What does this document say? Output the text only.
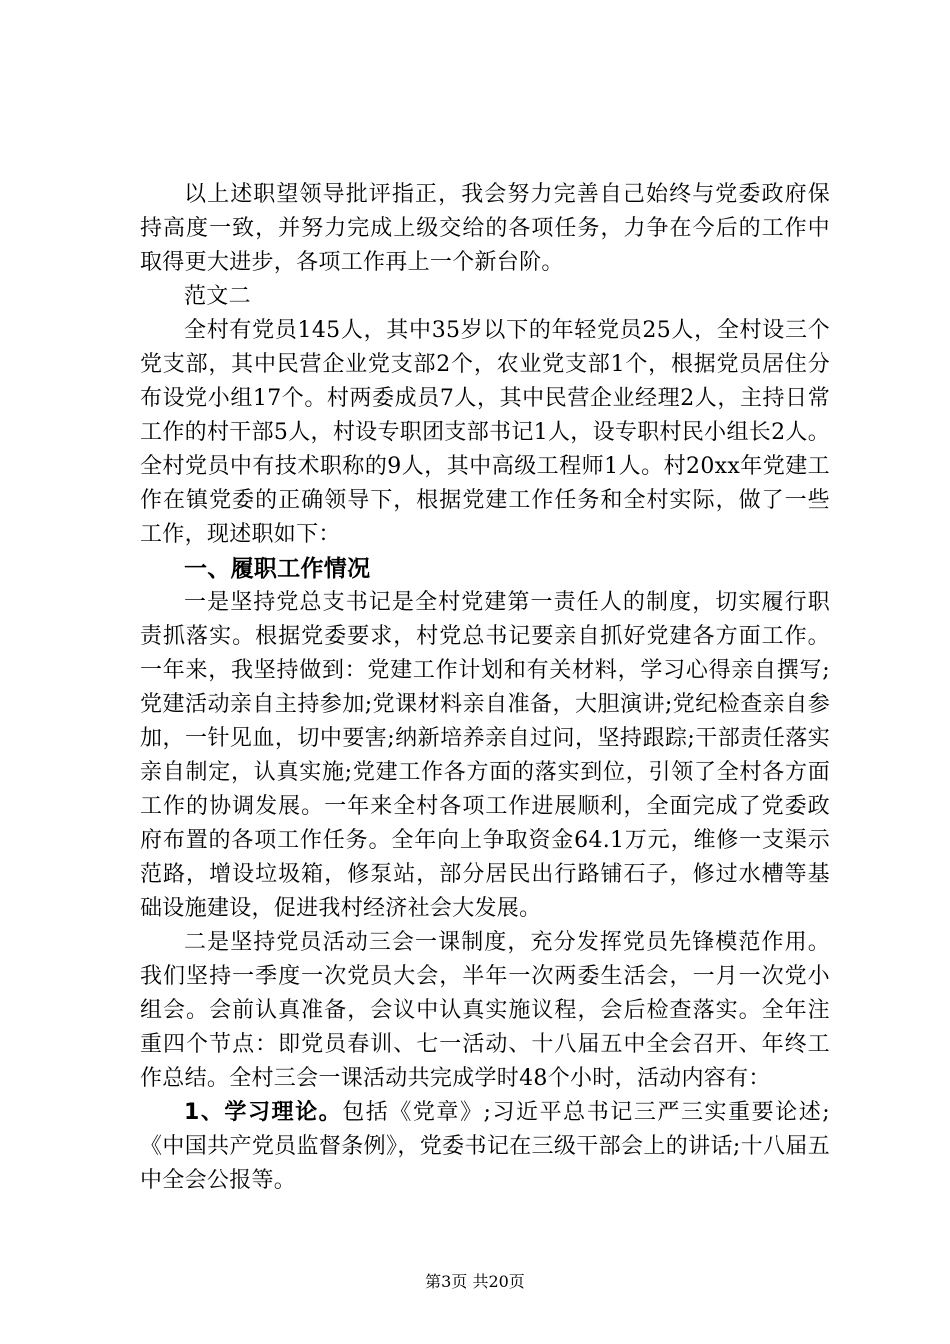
以上述职望领导批评指正，我会努力完善自己始终与党委政府保持高度一致，并努力完成上级交给的各项任务，力争在今后的工作中取得更大进步，各项工作再上一个新台阶。

范文二

全村有党员145人，其中35岁以下的年轻党员25人，全村设三个党支部，其中民营企业党支部2个，农业党支部1个，根据党员居住分布设党小组17个。村两委成员7人，其中民营企业经理2人，主持日常工作的村干部5人，村设专职团支部书记1人，设专职村民小组长2人。全村党员中有技术职称的9人，其中高级工程师1人。村20xx年党建工作在镇党委的正确领导下，根据党建工作任务和全村实际，做了一些工作，现述职如下：

一、履职工作情况

一是坚持党总支书记是全村党建第一责任人的制度，切实履行职责抓落实。根据党委要求，村党总书记要亲自抓好党建各方面工作。一年来，我坚持做到：党建工作计划和有关材料，学习心得亲自撰写;党建活动亲自主持参加;党课材料亲自准备，大胆演讲;党纪检查亲自参加，一针见血，切中要害;纳新培养亲自过问，坚持跟踪;干部责任落实亲自制定，认真实施;党建工作各方面的落实到位，引领了全村各方面工作的协调发展。一年来全村各项工作进展顺利，全面完成了党委政府布置的各项工作任务。全年向上争取资金64.1万元，维修一支渠示范路，增设垃圾箱，修泵站，部分居民出行路铺石子，修过水槽等基础设施建设，促进我村经济社会大发展。

二是坚持党员活动三会一课制度，充分发挥党员先锋模范作用。我们坚持一季度一次党员大会，半年一次两委生活会，一月一次党小组会。会前认真准备，会议中认真实施议程，会后检查落实。全年注重四个节点：即党员春训、七一活动、十八届五中全会召开、年终工作总结。全村三会一课活动共完成学时48个小时，活动内容有：

1、学习理论。包括《党章》;习近平总书记三严三实重要论述;《中国共产党员监督条例》，党委书记在三级干部会上的讲话;十八届五中全会公报等。

第3页 共20页
